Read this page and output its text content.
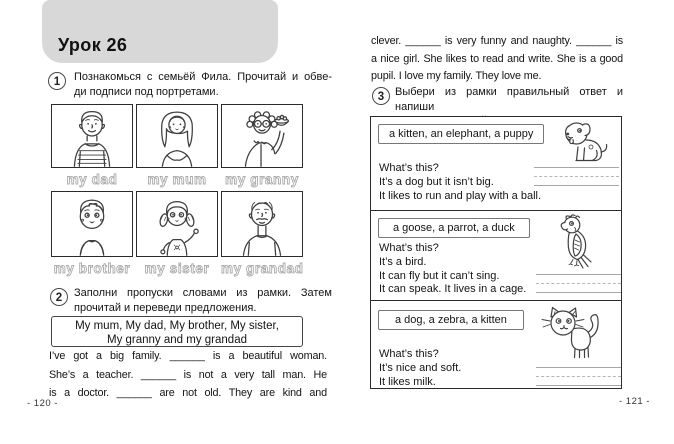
Урок 26
1	Познакомься с семьёй Фила. Прочитай и обве-
ди подписи под портретами.
my dad	my mum	my granny
my brother	my sister my grandad
2	Заполни пропуски словами из рамки. Затем
прочитай и переведи предложения.
My mum, My dad, My brother, My sister,
My granny and my grandad
I’ve got a big family. ______ is a beautiful woman.
She’s a teacher. ______ is not a very tall man. He
is a doctor. ______ are not old. They are kind and
- 120 -
clever. ______ is very funny and naughty. ______ is
a nice girl. She likes to read and write. She is a good
pupil. I love my family. They love me.
3 Выбери из рамки правильный ответ и напиши
a kitten, an elephant, a puppy
What’s this?
It’s a dog but it isn’t big.
It likes to run and play with a ball.
a goose, a parrot, a duck
What’s this?
It’s a bird.
It can fly but it can’t sing.
It can speak. It lives in a cage.
a dog, a zebra, a kitten
What’s this?
It’s nice and soft.
It likes milk.
- 121 -
